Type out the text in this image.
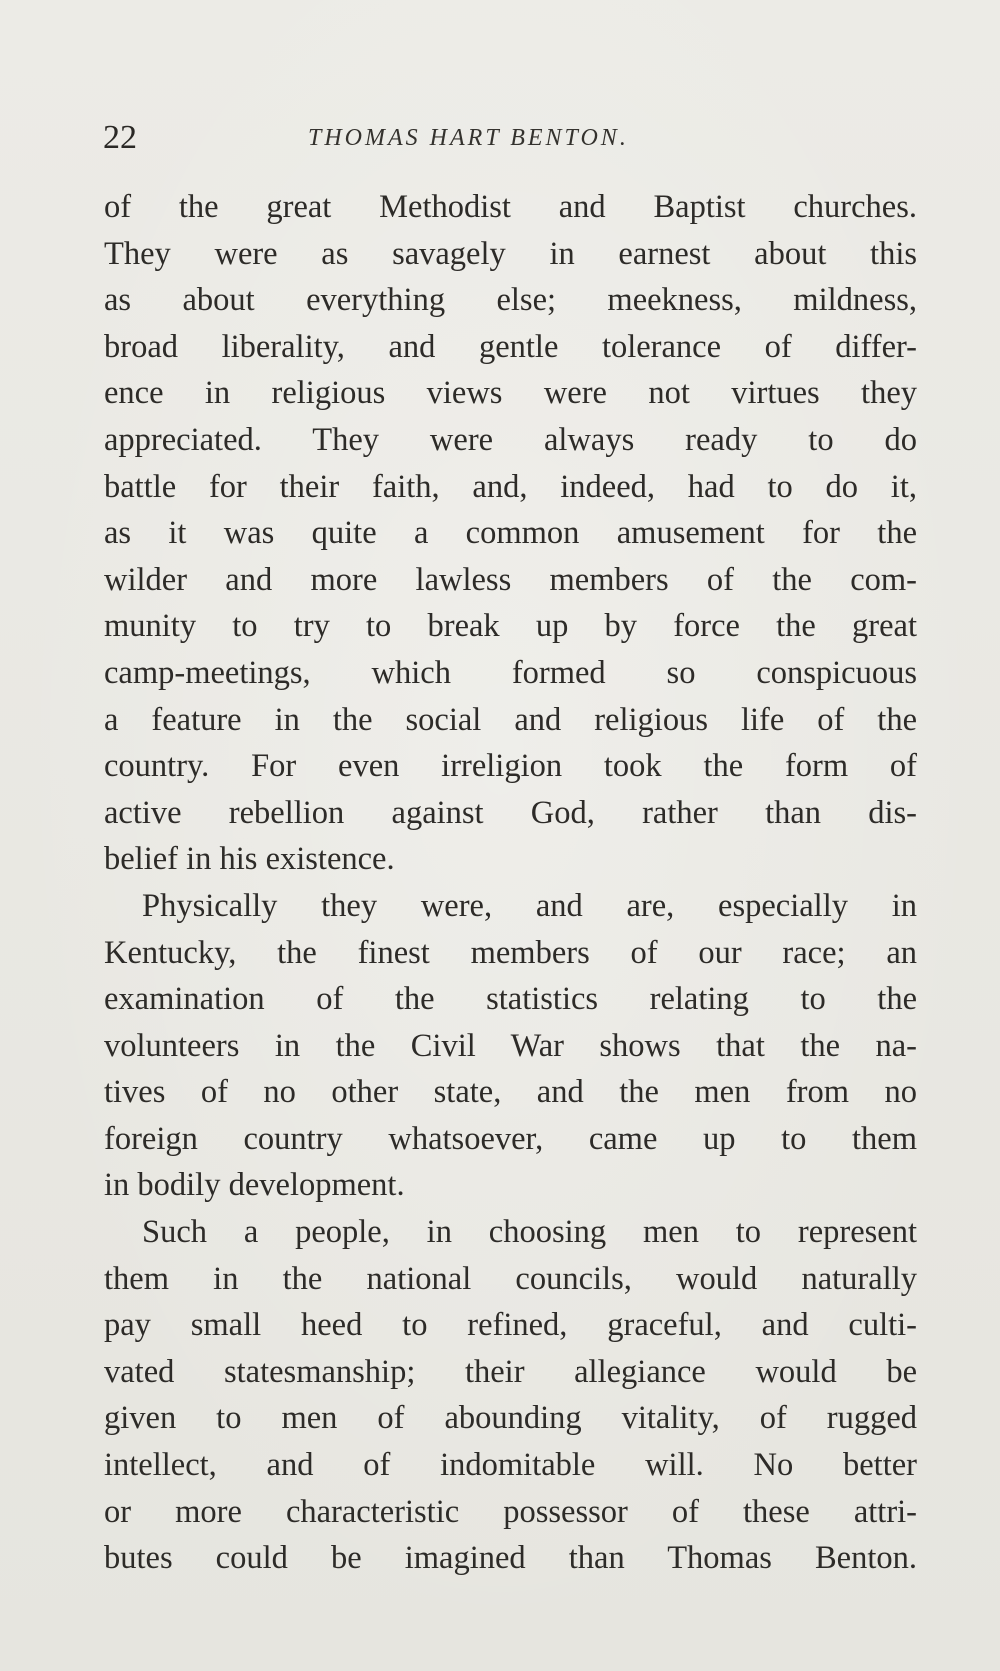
22	THOMAS HART BENTON.
of the great Methodist and Baptist churches.
They were as savagely in earnest about this
as about everything else; meekness, mildness,
broad liberality, and gentle tolerance of differ-
ence in religious views were not virtues they
appreciated. They were always ready to do
battle for their faith, and, indeed, had to do it,
as it was quite a common amusement for the
wilder and more lawless members of the com-
munity to try to break up by force the great
camp-meetings, which formed so conspicuous
a feature in the social and religious life of the
country. For even irreligion took the form of
active rebellion against God, rather than dis-
belief in his existence.
Physically they were, and are, especially in
Kentucky, the finest members of our race; an
examination of the statistics relating to the
volunteers in the Civil War shows that the na-
tives of no other state, and the men from no
foreign country whatsoever, came up to them
in bodily development.
Such a people, in choosing men to represent
them in the national councils, would naturally
pay small heed to refined, graceful, and culti-
vated statesmanship; their allegiance would be
given to men of abounding vitality, of rugged
intellect, and of indomitable will. No better
or more characteristic possessor of these attri-
butes could be imagined than Thomas Benton.
